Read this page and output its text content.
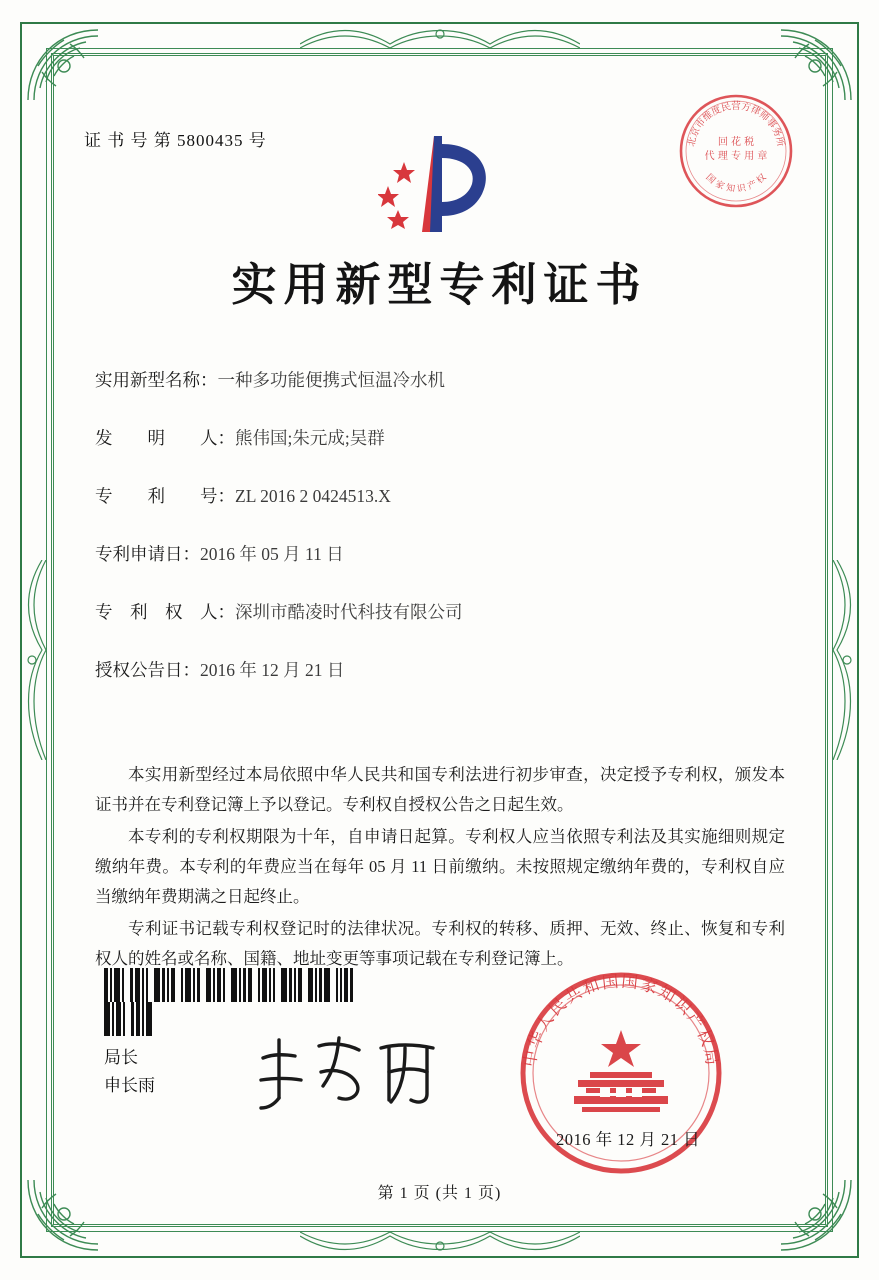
证 书 号 第 5800435 号	北京市维度民营方律师事务所
国 家 知 识 产 权
回 花 税
代 理 专 用 章
实用新型专利证书
实用新型名称：一种多功能便携式恒温冷水机
发　　明　　人：熊伟国;朱元成;吴群
专　　利　　号：ZL 2016 2 0424513.X
专利申请日：2016 年 05 月 11 日
专　利　权　人：深圳市酷凌时代科技有限公司
授权公告日：2016 年 12 月 21 日

本实用新型经过本局依照中华人民共和国专利法进行初步审查，决定授予专利权，颁发本证书并在专利登记簿上予以登记。专利权自授权公告之日起生效。

本专利的专利权期限为十年，自申请日起算。专利权人应当依照专利法及其实施细则规定缴纳年费。本专利的年费应当在每年 05 月 11 日前缴纳。未按照规定缴纳年费的，专利权自应当缴纳年费期满之日起终止。

专利证书记载专利权登记时的法律状况。专利权的转移、质押、无效、终止、恢复和专利权人的姓名或名称、国籍、地址变更等事项记载在专利登记簿上。

局长
申长雨
中华人民共和国国家知识产权局
2016 年 12 月 21 日
第 1 页 (共 1 页)
